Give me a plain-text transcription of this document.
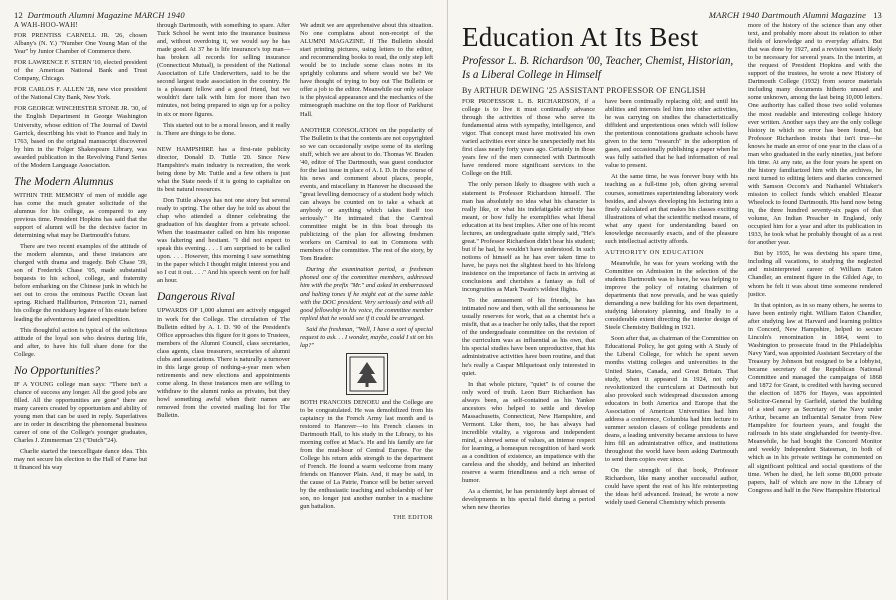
12 Dartmouth Alumni Magazine MARCH 1940
A WAH-HOO-WAH!

FOR PRENTISS CARNELL JR. '26, chosen Albany's (N. Y.) "Number One Young Man of the Year" by Junior Chamber of Commerce there.

FOR LAWRENCE F. STERN '10, elected president of the American National Bank and Trust Company, Chicago.

FOR CARLOS F. ALLEN '28, new vice president of the National City Bank, New York.

FOR GEORGE WINCHESTER STONE JR. '30, of the English Department in George Washington University, whose edition of The Journal of David Garrick, describing his visit to France and Italy in 1763, based on the original manuscript discovered by him in the Folger Shakespeare Library, was awarded publication in the Revolving Fund Series of the Modern Language Association.

The Modern Alumnus

WITHIN THE MEMORY of men of middle age has come the much greater solicitude of the alumnus for his college, as compared to any previous time. President Hopkins has said that the support of alumni will be the decisive factor in determining what may be Dartmouth's future.

There are two recent examples of the attitude of the modern alumnus, and these instances are charged with drama and tragedy. Bob Chase '39, son of Frederick Chase '05, made substantial bequests to his school, college, and fraternity before embarking on the Chinese junk in which he set out to cross the ominous Pacific Ocean last spring. Richard Halliburton, Princeton '21, named his college the residuary legatee of his estate before leading the adventurous and fated expedition.

This thoughtful action is typical of the solicitous attitude of the loyal son who desires during life, and after, to have his full share done for the College.

No Opportunities?

IF A YOUNG college man says: "There isn't a chance of success any longer. All the good jobs are filled. All the opportunities are gone" there are many careers created by opportunism and ability of young men that can be used in reply. Superlatives are in order in describing the phenomenal business career of one of the College's younger graduates, Charles J. Zimmerman '23 ("Dutch"'24).

Charlie started the inexcelligate dance idea. This may not secure his election to the Hall of Fame but it financed his way

through Dartmouth, with something to spare. After Tuck School he went into the insurance business and, without overdoing it, we would say he has made good. At 37 he is life insurance's top man—has broken all records for selling insurance (Connecticut Mutual), is president of the National Association of Life Underwriters, said to be the second largest trade association in the country. He is a pleasant fellow and a good friend, but we wouldn't dare talk with him for more than two minutes, not being prepared to sign up for a policy in six or more figures.

This started out to be a moral lesson, and it really is. There are things to be done.

NEW HAMPSHIRE has a first-rate publicity director, Donald D. Tuttle '20. Since New Hampshire's main industry is recreation, the work being done by Mr. Tuttle and a few others is just what the State needs if it is going to capitalize on its best natural resources.

Don Tuttle always has not one story but several ready to spring. The other day he told us about the chap who attended a dinner celebrating the graduation of his daughter from a private school. When the toastmaster called on him his response was faltering and hesitant. "I did not expect to speak this evening. . . . I am surprised to be called upon. . . . However, this morning I saw something in the paper which I thought might interest you and so I cut it out. . . ." And his speech went on for half an hour.

Dangerous Rival

UPWARDS OF 1,000 alumni are actively engaged in work for the College. The circulation of The Bulletin edited by A. I. D. '90 of the President's Office approaches this figure for it goes to Trustees, members of the Alumni Council, class secretaries, class agents, class treasurers, secretaries of alumni clubs and associations. There is naturally a turnover in this large group of nothing-a-year men when retirements and new elections and appointments come along. In these instances men are willing to withdraw to the alumni ranks as privates, but they howl something awful when their names are removed from the coveted mailing list for The Bulletin.

We admit we are apprehensive about this situation. No one complains about non-receipt of the ALUMNI MAGAZINE. If The Bulletin should start printing pictures, using letters to the editor, and recommending books to read, the only step left would be to include some class notes in its sprightly columns and where would we be? We have thought of trying to buy out The Bulletin or offer a job to the editor. Meanwhile our only solace is the physical appearance and the mechanics of the mimeograph machine on the top floor of Parkhurst Hall.

ANOTHER CONSOLATION on the popularity of The Bulletin is that the contents are not copyrighted so we can occasionally swipe some of its sterling stuff, which we are about to do. Thomas W. Braden '40, editor of The Dartmouth, was guest conductor for the last issue in place of A. I. D. In the course of his news and comment about places, people, events, and miscellany in Hanover he discussed the "great levelling democracy of a student body which can always be counted on to take a whack at anybody or anything which takes itself too seriously." He intimated that the Carnival committee might be in this boat through its publicizing of the plan for allowing freshmen workers on Carnival to eat in Commons with members of the committee. The rest of the story, by Tom Braden:

During the examination period, a freshman phoned one of the committee members, addressed him with the prefix "Mr." and asked in embarrassed and halting tones if he might eat at the same table with the DOC president. Very seriously and with all good fellowship in his voice, the committee member replied that he would see if it could be arranged.

Said the freshman, "Well, I have a sort of special request to ask. . . I wonder, maybe, could I sit on his lap?"

BOTH FRANCOIS DENOEU and the College are to be congratulated. He was demobilized from his captaincy in the French Army last month and is restored to Hanover—to his French classes in Dartmouth Hall, to his study in the Library, to his morning coffee at Mac's. He and his family are far from the mud-hour of Central Europe. For the College his return adds strength to the department of French. He found a warm welcome from many friends on Hanover Plain. And, it may be said, in the cause of La Patrie, France will be better served by the enthusiastic teaching and scholarship of her son, no longer just another number in a machine gun battalion.

THE EDITOR
MARCH 1940 Dartmouth Alumni Magazine 13
Education At Its Best
Professor L. B. Richardson '00, Teacher, Chemist, Historian, Is a Liberal College in Himself
By ARTHUR DEWING '25 ASSISTANT PROFESSOR OF ENGLISH

FOR PROFESSOR L. B. RICHARDSON, if a college is to live it must continually advance through the activities of those who serve its fundamental aims with sympathy, intelligence, and vigor. That concept must have motivated his own varied activities ever since he unexpectedly met his first class nearly forty years ago. Certainly in those years few of the men connected with Dartmouth have rendered more significant services to the College on the Hill.

The only person likely to disagree with such a statement is Professor Richardson himself. The man has absolutely no idea what his character is really like, or what his indefatigable activity has meant, or how fully he exemplifies what liberal education at its best implies. After one of his recent lectures, an undergraduate quite simply said, "He's great." Professor Richardson didn't hear his student; but if he had, he wouldn't have understood. In such notions of himself as he has ever taken time to have, he pays not the slightest heed to his lifelong insistence on the importance of facts in arriving at conclusions and cherishes a fantasy as full of incongruities as Mark Twain's wildest flights.

To the amusement of his friends, he has intimated now and then, with all the seriousness he usually reserves for work, that as a chemist he's a misfit, that as a teacher he only talks, that the report of the undergraduate committee on the revision of the curriculum was as influential as his own, that his special studies have been unproductive, that his administrative activities have been routine, and that he's really a Caspar Milquetoast only interested in quiet.

In that whole picture, "quiet" is of course the only word of truth. Leon Burr Richardson has always been, as self-contained as his Yankee ancestors who helped to settle and develop Massachusetts, Connecticut, New Hampshire, and Vermont. Like them, too, he has always had incredible vitality, a vigorous and independent mind, a shrewd sense of values, an intense respect for learning, a homespun recognition of hard work as a condition of existence, an impatience with the careless and the shoddy, and behind an inherited reserve a warm friendliness and a rich sense of humor.

As a chemist, he has persistently kept abreast of developments in his special field during a period when new theories

have been continually replacing old; and until his abilities and interests led him into other activities, he was carrying on studies the characteristically diffident and unpretentious ones which will follow the pretentious connotations graduate schools have given to the term "research" in the adsorption of gases, and occasionally publishing a paper when he was fully satisfied that he had information of real value to present.

At the same time, he was forever busy with his teaching as a full-time job, often giving several courses, sometimes superintending laboratory work besides, and always developing his lecturing into a finely calculated art that makes his classes exciting illustrations of what the scientific method means, of what any quest for understanding based on knowledge necessarily exacts, and of the pleasure such intellectual activity affords.

AUTHORITY ON EDUCATION

Meanwhile, he was for years working with the Committee on Admission in the selection of the students Dartmouth was to have, he was helping to improve the policy of rotating chairmen of departments that now prevails, and he was quietly demanding a new building for his own department, studying laboratory planning, and finally to a considerable extent directing the interior design of Steele Chemistry Building in 1921.

Soon after that, as chairman of the Committee on Educational Policy, he got going with A Study of the Liberal College, for which he spent seven months visiting colleges and universities in the United States, Canada, and Great Britain. That study, when it appeared in 1924, not only revolutionized the curriculum at Dartmouth but also provoked such widespread discussion among educators in both America and Europe that the Association of American Universities had him address a conference, Columbia had him lecture to summer session classes of college presidents and deans, a leading university became anxious to have him fill an administrative office, and institutions throughout the world have been asking Dartmouth to send them copies ever since.

On the strength of that book, Professor Richardson, like many another successful author, could have spent the rest of his life reinterpreting the ideas he'd advanced. Instead, he wrote a now widely used General Chemistry which presents

more of the history of the science than any other text, and probably more about its relation to other fields of knowledge and to everyday affairs. But that was done by 1927, and a revision wasn't likely to be necessary for several years. In the interim, at the request of President Hopkins and with the support of the trustees, he wrote a new History of Dartmouth College (1932) from source materials including many documents hitherto unused and some unknown, among the last being 10,000 letters. One authority has called those two solid volumes the most readable and interesting college history ever written. Another says they are the only college history in which no error has been found, but Professor Richardson insists that isn't true—he knows he made an error of one year in the class of a man who graduated in the early nineties, just before his time. At any rate, as the four years he spent on the history familiarized him with the archives, he next turned to editing letters and diaries concerned with Samson Occom's and Nathaniel Whitaker's mission to collect funds which enabled Eleazar Wheelock to found Dartmouth. His hand now being in, the three hundred seventy-six pages of that volume, An Indian Preacher in England, only occupied him for a year and after its publication in 1933, he took what he probably thought of as a rest for another year.

But by 1935, he was devising his spare time, including all vacations, to studying the neglected and misinterpreted career of William Eaton Chandler, an eminent figure in the Gilded Age, to whom he felt it was about time someone rendered justice.

In that opinion, as in so many others, he seems to have been entirely right. William Eaton Chandler, after studying law at Harvard and learning politics in Concord, New Hampshire, helped to secure Lincoln's renomination in 1864, went to Washington to prosecute fraud in the Philadelphia Navy Yard, was appointed Assistant Secretary of the Treasury by Johnson but resigned to be a lobbyist, became secretary of the Republican National Committee and managed the campaigns of 1868 and 1872 for Grant, is credited with having secured the election of 1876 for Hayes, was appointed Solicitor-General by Garfield, started the building of a steel navy as Secretary of the Navy under Arthur, became an influential Senator from New Hampshire for fourteen years, and fought the railroads in his state singlehanded for twenty-five. Meanwhile, he had bought the Concord Monitor and weekly Independent Statesman, in both of which as in his private writings he commented on all significant political and social questions of the time. When he died, he left some 80,000 private papers, half of which are now in the Library of Congress and half in the New Hampshire Historical
